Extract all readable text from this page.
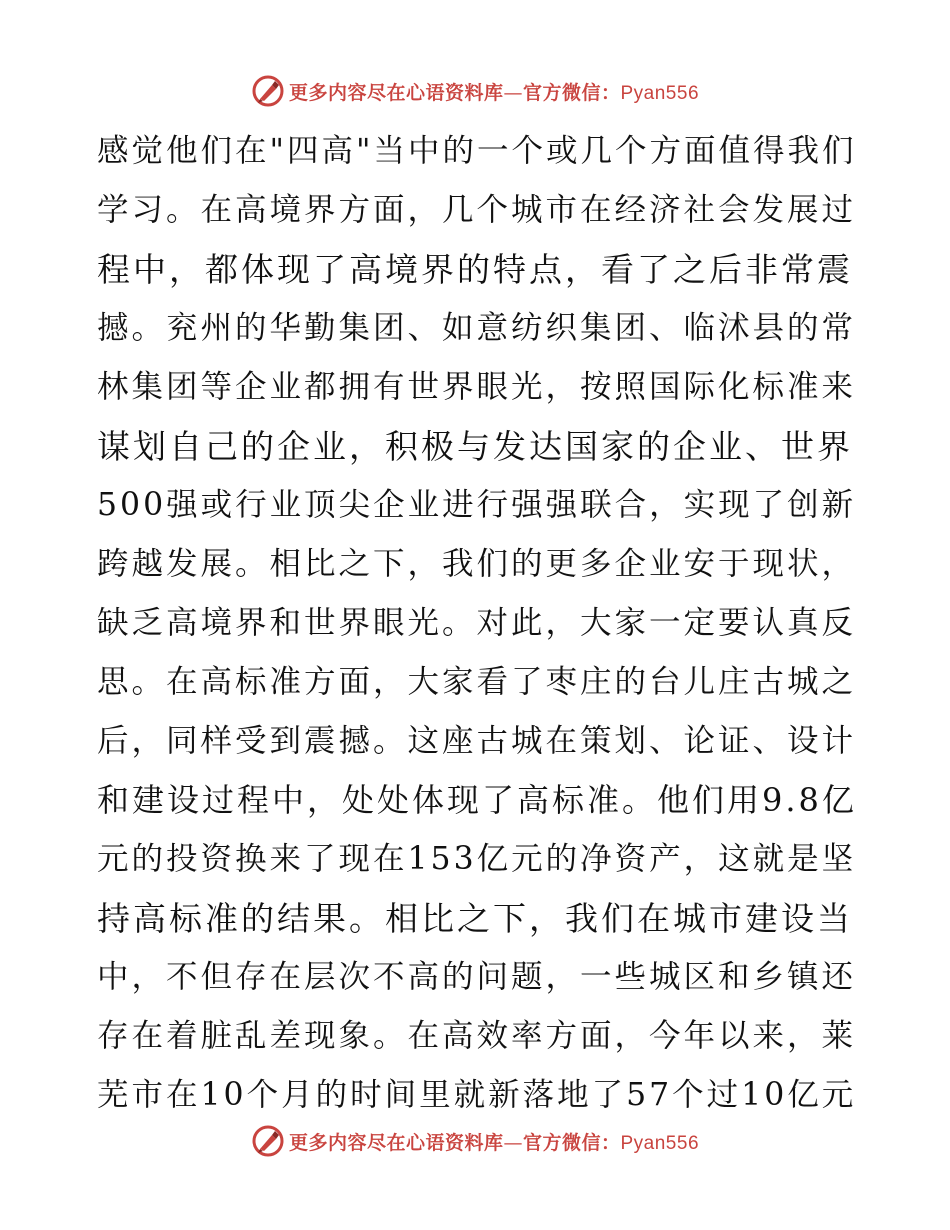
更多内容尽在心语资料库—官方微信：Pyan556
感觉他们在"四高"当中的一个或几个方面值得我们
学习。在高境界方面，几个城市在经济社会发展过
程中，都体现了高境界的特点，看了之后非常震
撼。兖州的华勤集团、如意纺织集团、临沭县的常
林集团等企业都拥有世界眼光，按照国际化标准来
谋划自己的企业，积极与发达国家的企业、世界
500强或行业顶尖企业进行强强联合，实现了创新
跨越发展。相比之下，我们的更多企业安于现状，
缺乏高境界和世界眼光。对此，大家一定要认真反
思。在高标准方面，大家看了枣庄的台儿庄古城之
后，同样受到震撼。这座古城在策划、论证、设计
和建设过程中，处处体现了高标准。他们用9.8亿
元的投资换来了现在153亿元的净资产，这就是坚
持高标准的结果。相比之下，我们在城市建设当
中，不但存在层次不高的问题，一些城区和乡镇还
存在着脏乱差现象。在高效率方面，今年以来，莱
芜市在10个月的时间里就新落地了57个过10亿元
更多内容尽在心语资料库—官方微信：Pyan556
